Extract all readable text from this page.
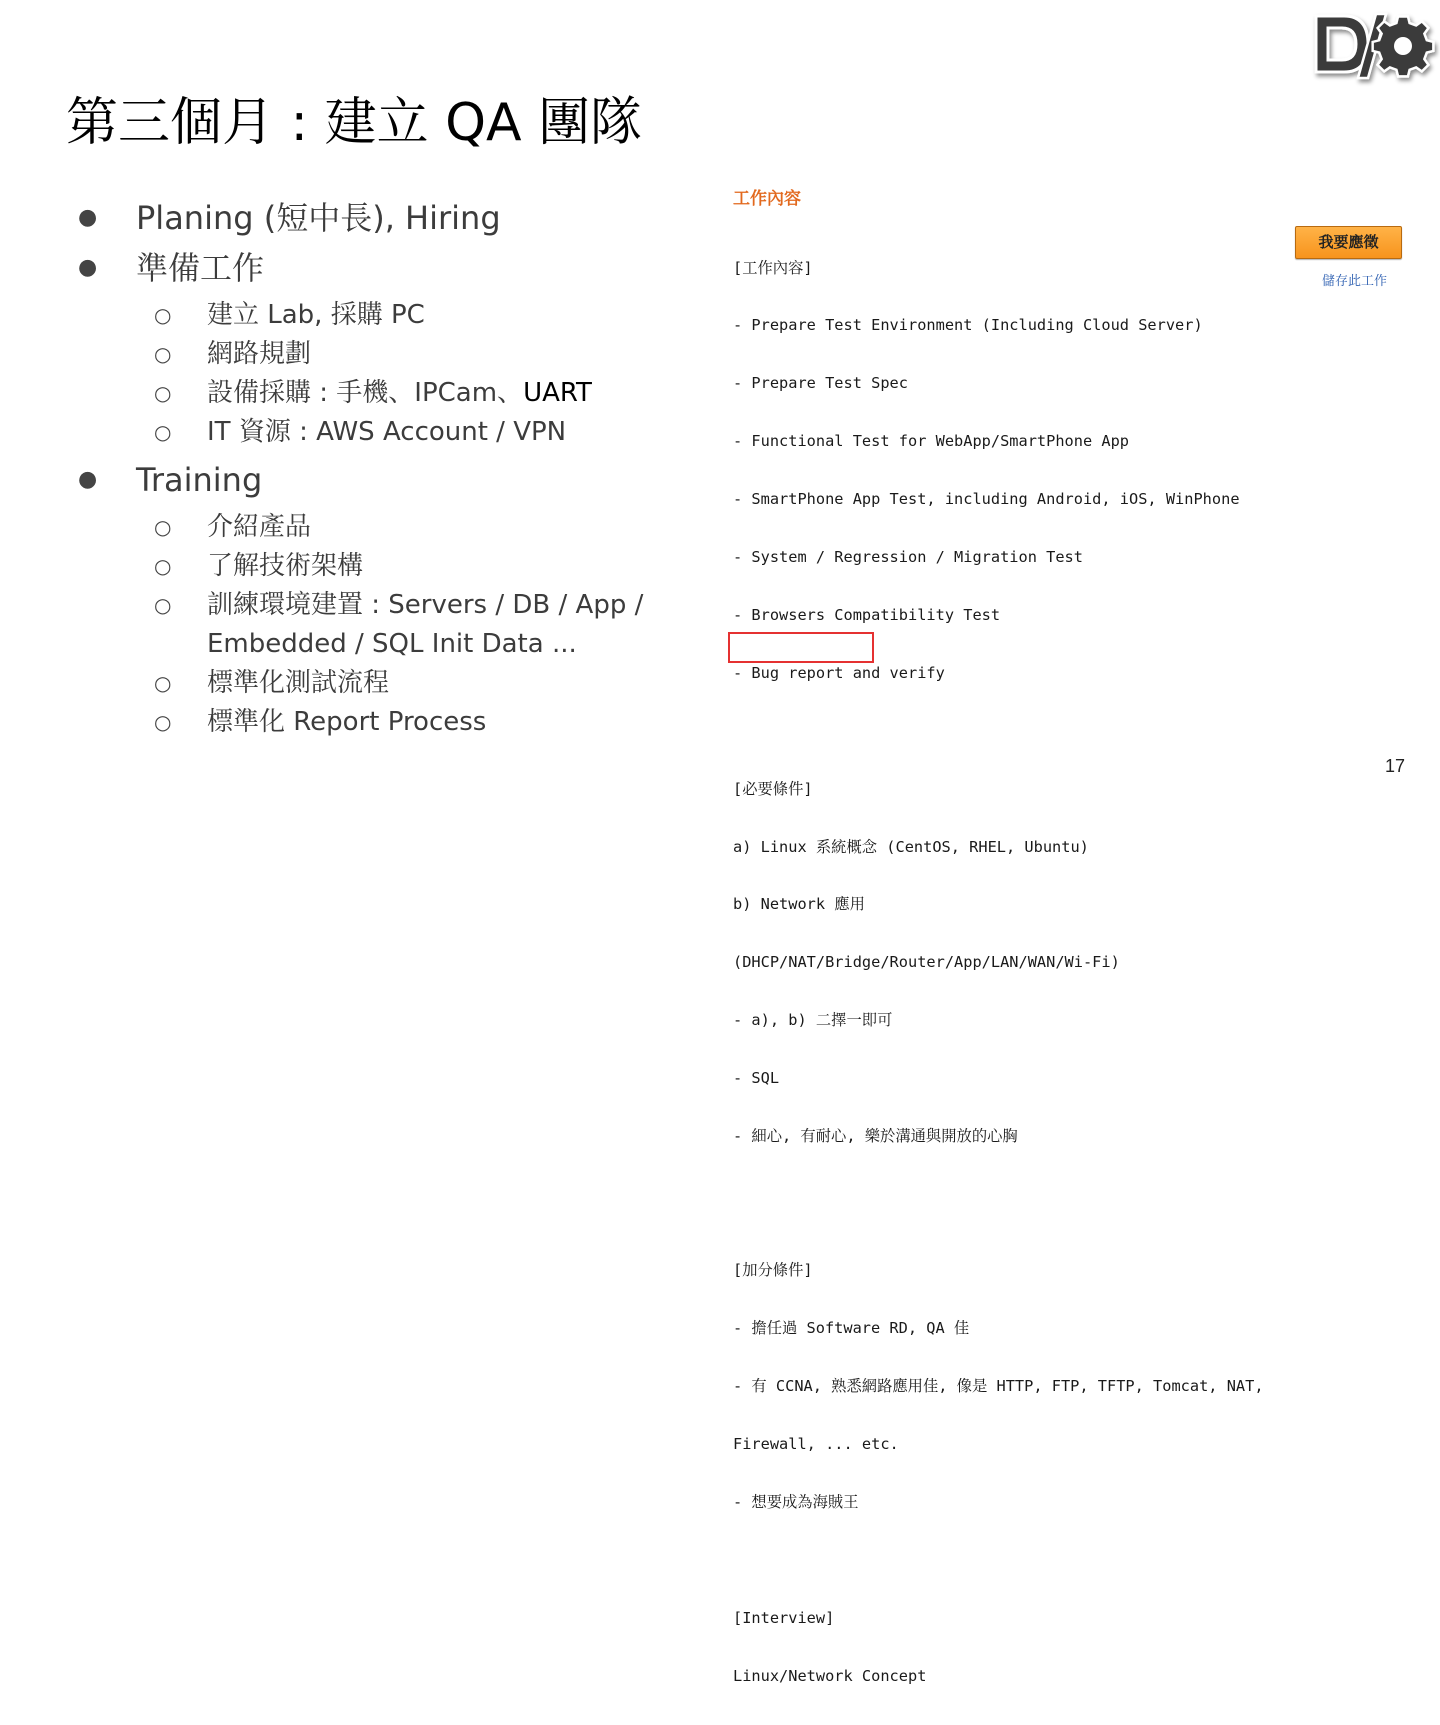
第三個月 : 建立 QA 團隊
● Planing (短中長), Hiring
● 準備工作
○ 建立 Lab, 採購 PC
○ 網路規劃
○ 設備採購 : 手機、IPCam、UART
○ IT 資源 : AWS Account / VPN
● Training
○ 介紹產品
○ 了解技術架構
○ 訓練環境建置 : Servers / DB / App / Embedded / SQL Init Data ...
○ 標準化測試流程
○ 標準化 Report Process
工作內容

[工作內容]

- Prepare Test Environment (Including Cloud Server)

- Prepare Test Spec

- Functional Test for WebApp/SmartPhone App

- SmartPhone App Test, including Android, iOS, WinPhone

- System / Regression / Migration Test

- Browsers Compatibility Test

- Bug report and verify

[必要條件]

a) Linux 系統概念 (CentOS, RHEL, Ubuntu)

b) Network 應用

(DHCP/NAT/Bridge/Router/App/LAN/WAN/Wi-Fi)

- a), b) 二擇一即可

- SQL

- 細心, 有耐心, 樂於溝通與開放的心胸

[加分條件]

- 擔任過 Software RD, QA 佳

- 有 CCNA, 熟悉網路應用佳, 像是 HTTP, FTP, TFTP, Tomcat, NAT,

Firewall, ... etc.

- 想要成為海賊王

[Interview]

Linux/Network Concept

我要應徵
儲存此工作
17
